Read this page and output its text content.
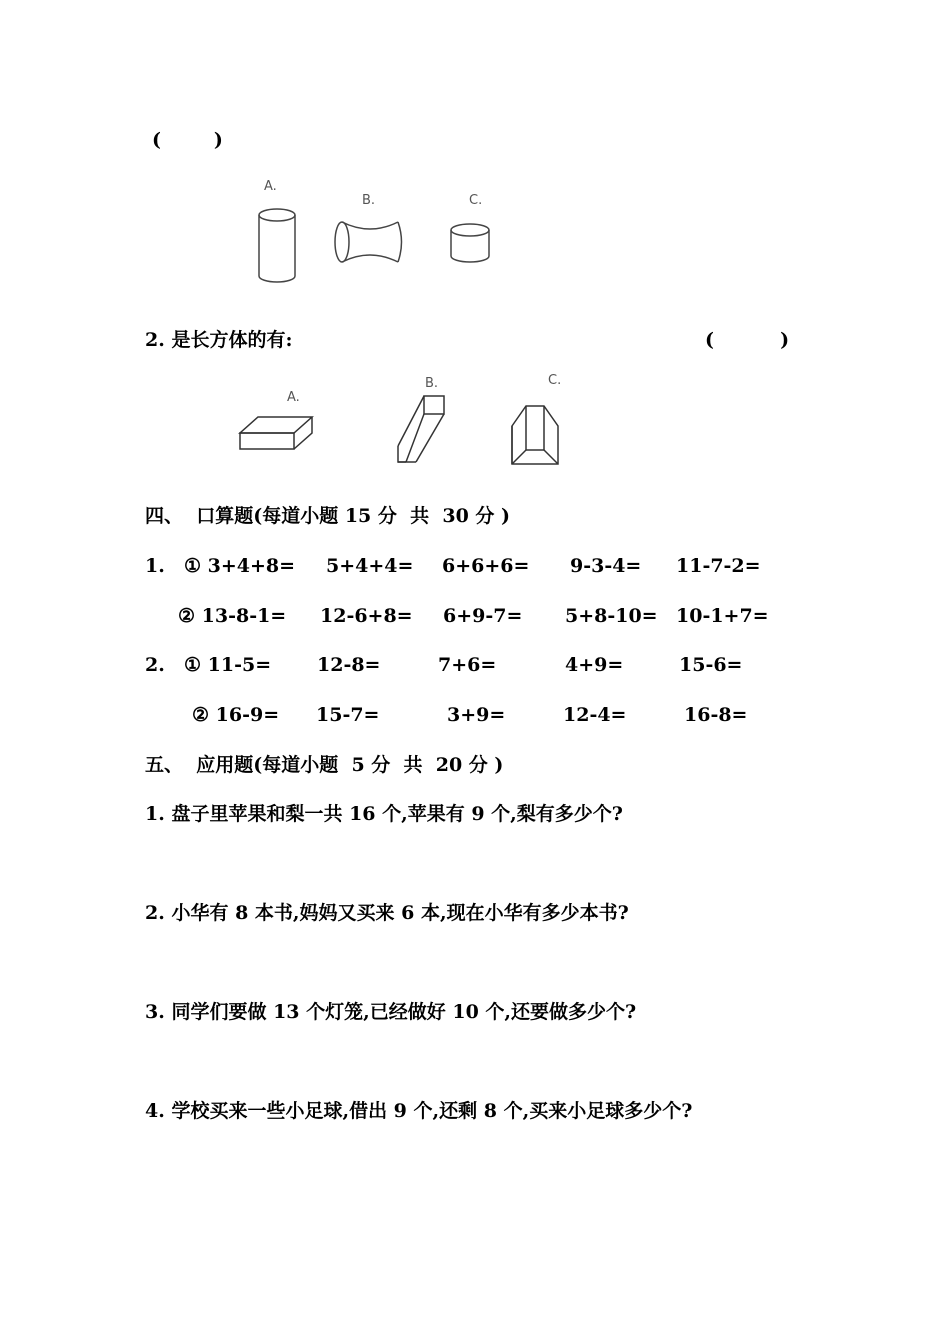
(        )
A.
B.	C.
2. 是长方体的有:	(          )
A.
B.	C.
四、  口算题(每道小题 15 分  共  30 分 )
1. ① 3+4+8= 5+4+4= 6+6+6= 9-3-4= 11-7-2=
② 13-8-1= 12-6+8= 6+9-7= 5+8-10= 10-1+7=
2. ① 11-5= 12-8=	7+6=	4+9=	15-6=
② 16-9= 15-7=	3+9=	12-4=	16-8=
五、  应用题(每道小题  5 分  共  20 分 )
1. 盘子里苹果和梨一共 16 个,苹果有 9 个,梨有多少个?
2. 小华有 8 本书,妈妈又买来 6 本,现在小华有多少本书?
3. 同学们要做 13 个灯笼,已经做好 10 个,还要做多少个?
4. 学校买来一些小足球,借出 9 个,还剩 8 个,买来小足球多少个?
